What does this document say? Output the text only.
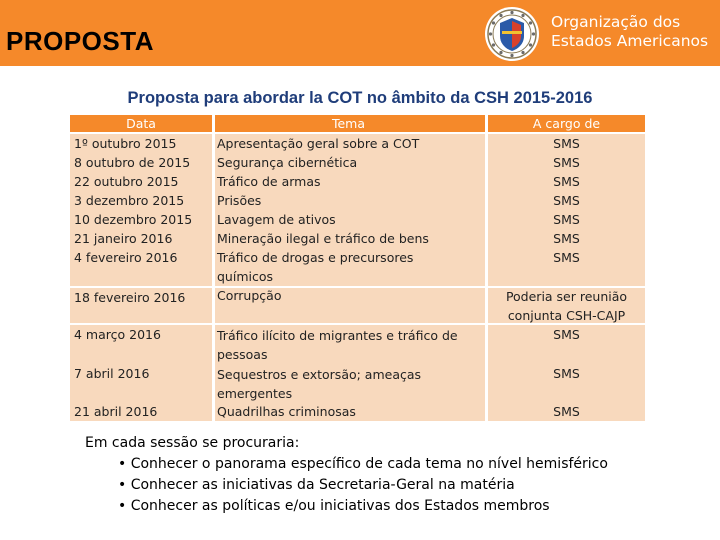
PROPOSTA
Organização dos
Estados Americanos
Proposta para abordar la COT no âmbito da CSH 2015-2016
Data	Tema	A cargo de
1º outubro 2015	Apresentação geral sobre a COT	SMS
8 outubro de 2015 Segurança cibernética	SMS
22 outubro 2015	Tráfico de armas	SMS
3 dezembro 2015	Prisões	SMS
10 dezembro 2015 Lavagem de ativos	SMS
21 janeiro 2016	Mineração ilegal e tráfico de bens	SMS
4 fevereiro 2016	Tráfico de drogas e precursores
químicos
SMS
18 fevereiro 2016	Corrupção	Poderia ser reunião
conjunta CSH-CAJP
4 março 2016	Tráfico ilícito de migrantes e tráfico de
pessoas
SMS
7 abril 2016	Sequestros e extorsão; ameaças
emergentes
SMS
21 abril 2016	Quadrilhas criminosas	SMS
Em cada sessão se procuraria:
• Conhecer o panorama específico de cada tema no nível hemisférico
• Conhecer as iniciativas da Secretaria-Geral na matéria
• Conhecer as políticas e/ou iniciativas dos Estados membros
